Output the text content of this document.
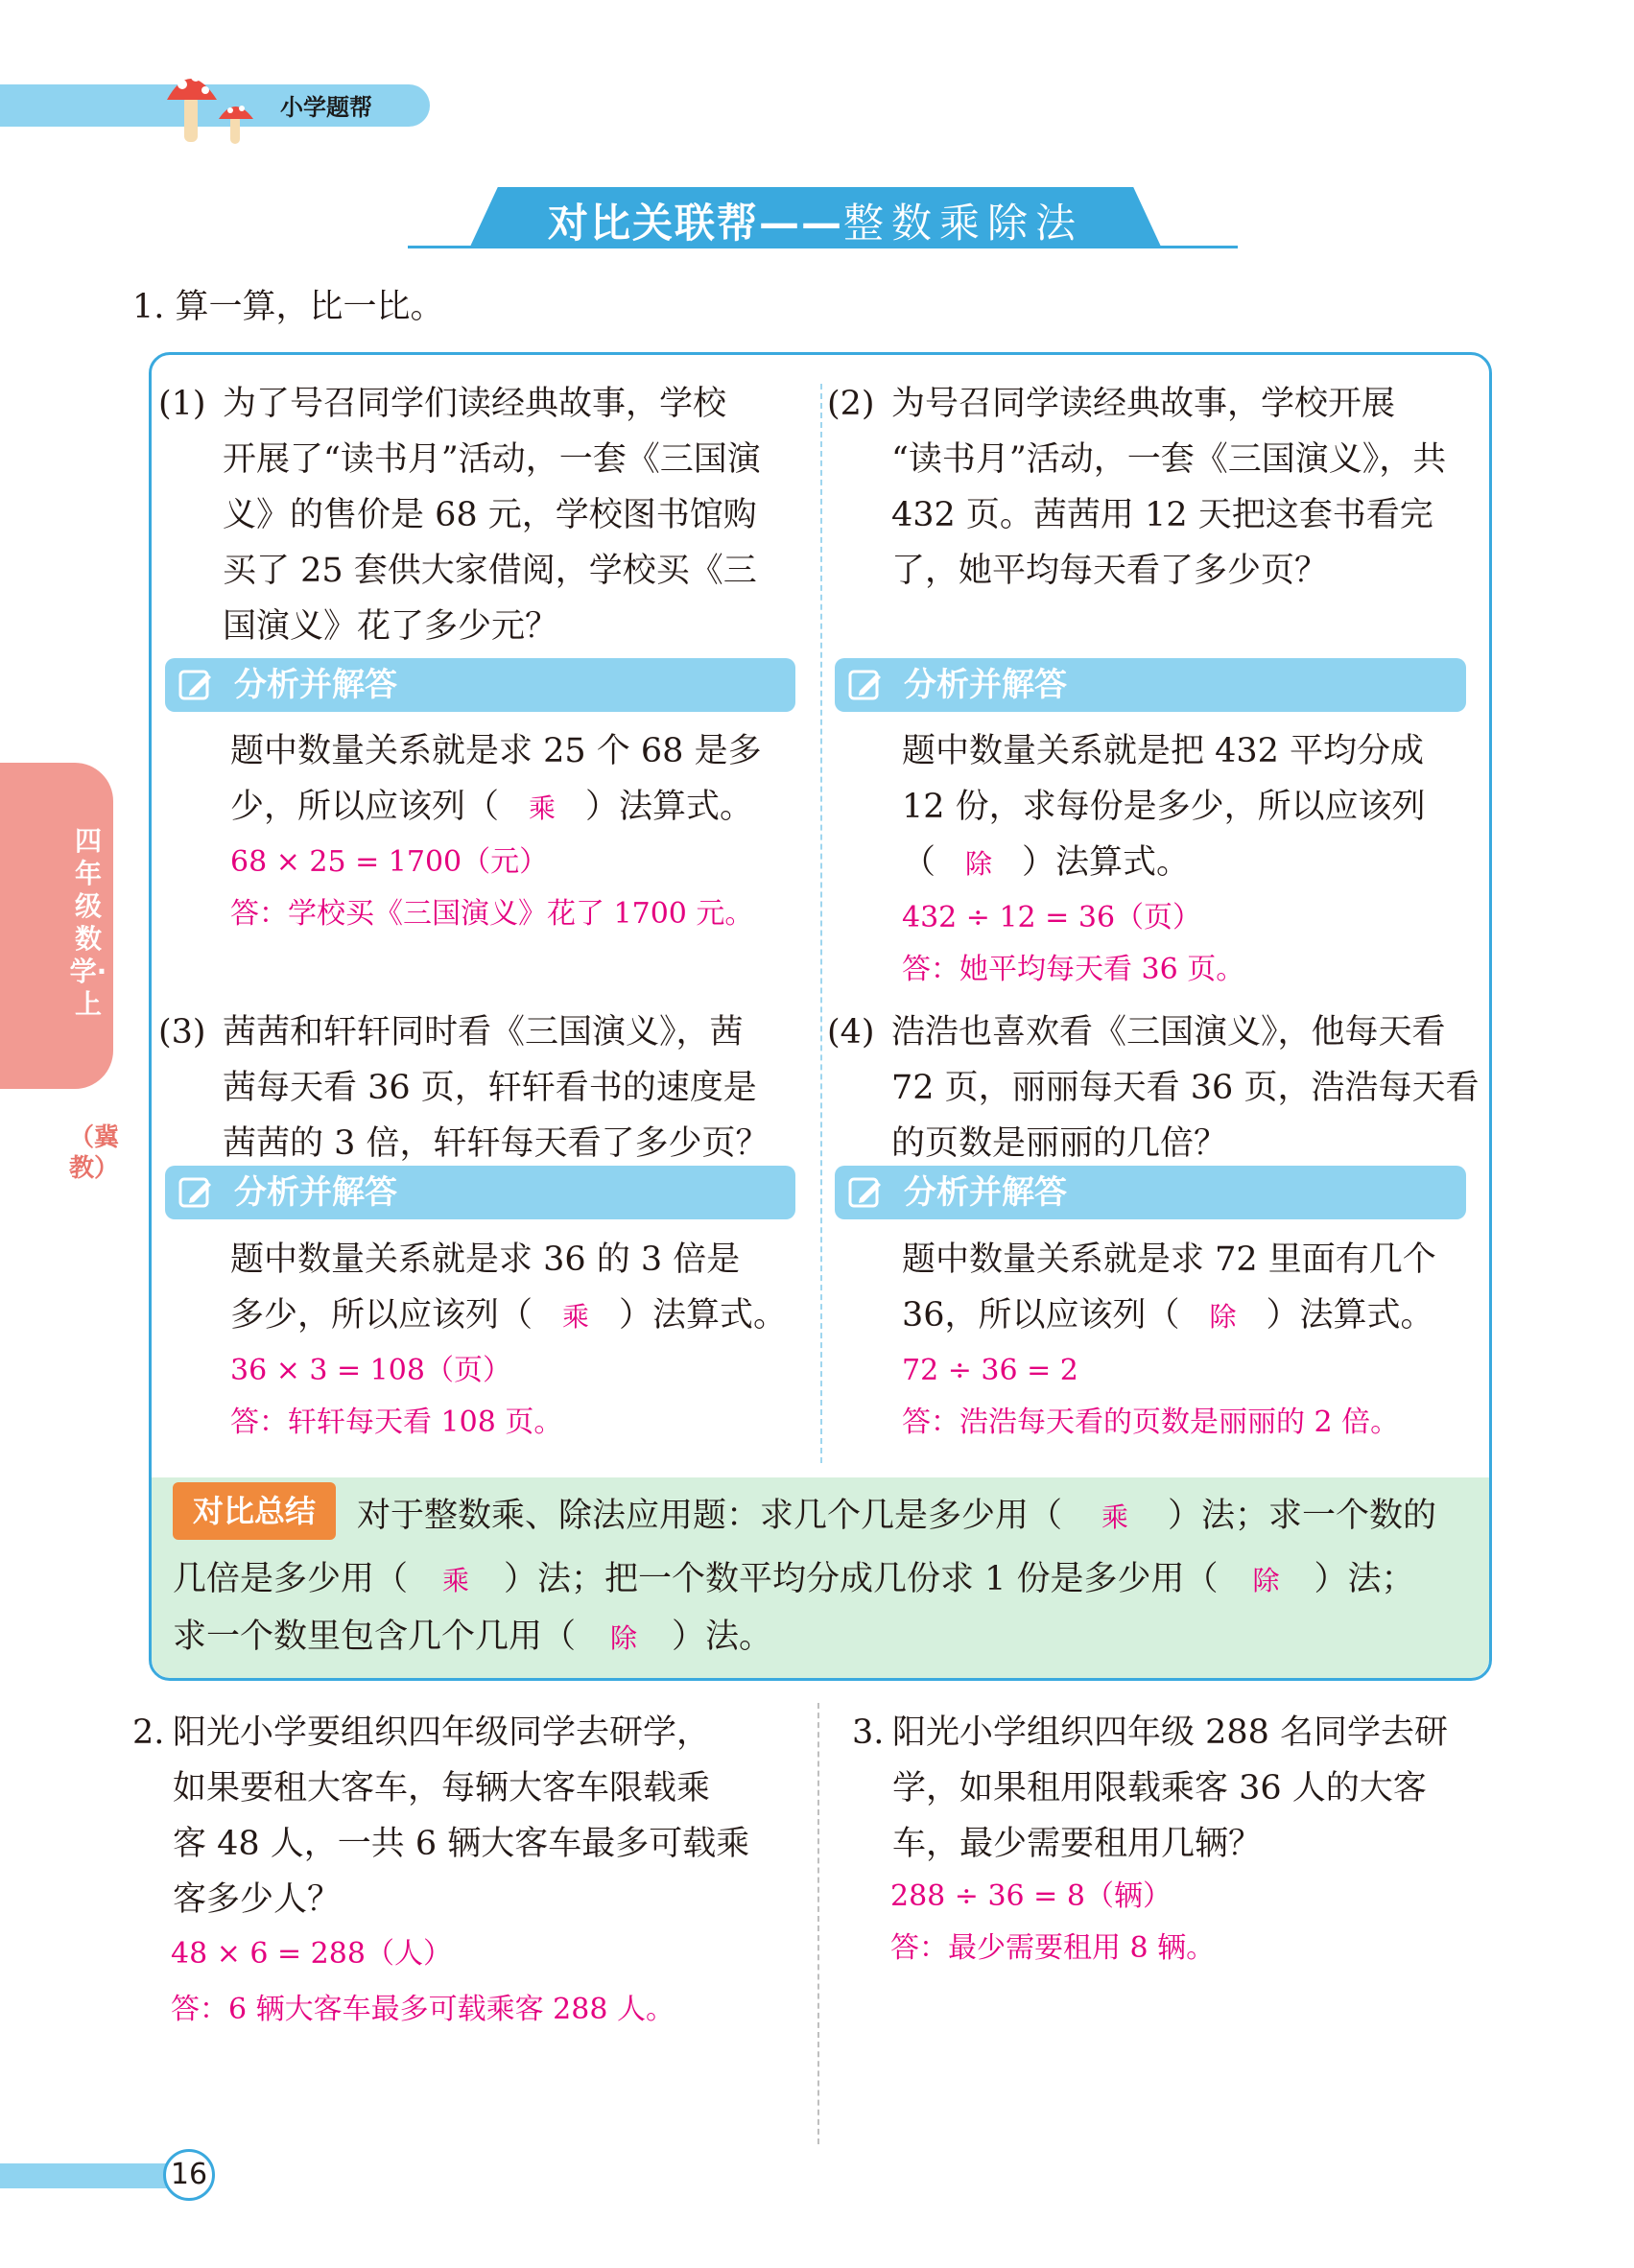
小学题帮
对比关联帮——整数乘除法
四年级数学·上
（冀教）
1. 算一算，比一比。
(1) 为了号召同学们读经典故事，学校
开展了“读书月”活动，一套《三国演
义》的售价是 68 元，学校图书馆购
买了 25 套供大家借阅，学校买《三
国演义》花了多少元？
分析并解答
题中数量关系就是求 25 个 68 是多
少，所以应该列（ 乘 ）法算式。
68 × 25 = 1700（元）
答：学校买《三国演义》花了 1700 元。
(2) 为号召同学读经典故事，学校开展
“读书月”活动，一套《三国演义》，共
432 页。茜茜用 12 天把这套书看完
了，她平均每天看了多少页？
分析并解答
题中数量关系就是把 432 平均分成
12 份，求每份是多少，所以应该列
（ 除 ）法算式。
432 ÷ 12 = 36（页）
答：她平均每天看 36 页。
(3) 茜茜和轩轩同时看《三国演义》，茜
茜每天看 36 页，轩轩看书的速度是
茜茜的 3 倍，轩轩每天看了多少页？
分析并解答
题中数量关系就是求 36 的 3 倍是
多少，所以应该列（ 乘 ）法算式。
36 × 3 = 108（页）
答：轩轩每天看 108 页。
(4) 浩浩也喜欢看《三国演义》，他每天看
72 页，丽丽每天看 36 页，浩浩每天看
的页数是丽丽的几倍？
分析并解答
题中数量关系就是求 72 里面有几个
36，所以应该列（ 除 ）法算式。
72 ÷ 36 = 2
答：浩浩每天看的页数是丽丽的 2 倍。
对比总结	对于整数乘、除法应用题：求几个几是多少用（ 乘 ）法；求一个数的
几倍是多少用（ 乘 ）法；把一个数平均分成几份求 1 份是多少用（ 除 ）法；
求一个数里包含几个几用（ 除 ）法。
2. 阳光小学要组织四年级同学去研学，
如果要租大客车，每辆大客车限载乘
客 48 人，一共 6 辆大客车最多可载乘
客多少人？
48 × 6 = 288（人）
答：6 辆大客车最多可载乘客 288 人。
3. 阳光小学组织四年级 288 名同学去研
学，如果租用限载乘客 36 人的大客
车，最少需要租用几辆？
288 ÷ 36 = 8（辆）
答：最少需要租用 8 辆。
16
